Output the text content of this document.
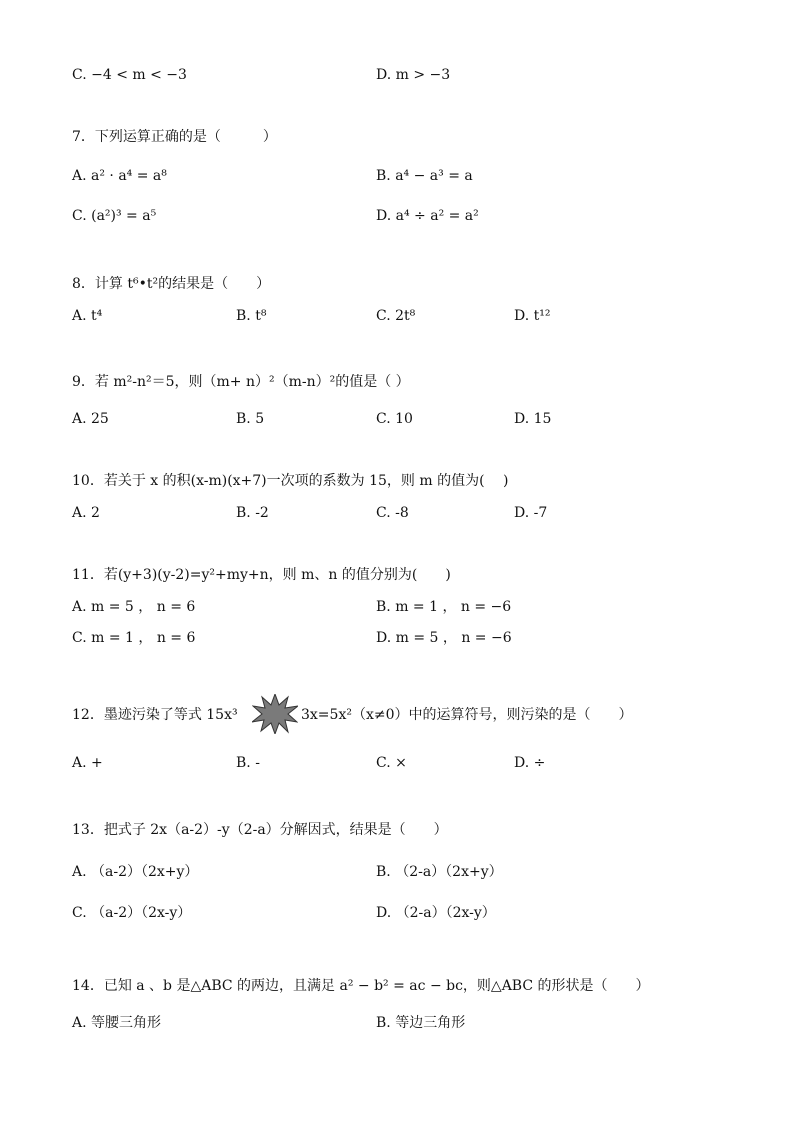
C. −4 < m < −3	D. m > −3
7．下列运算正确的是（　　　）
A. a² · a⁴ = a⁸	B. a⁴ − a³ = a
C. (a²)³ = a⁵	D. a⁴ ÷ a² = a²
8．计算 t⁶•t²的结果是（　　）
A. t⁴	B. t⁸	C. 2t⁸	D. t¹²
9．若 m²-n²＝5，则（m+ n）²（m-n）²的值是（ ）
A. 25	B. 5	C. 10	D. 15
10．若关于 x 的积(x-m)(x+7)一次项的系数为 15，则 m 的值为(　 )
A. 2	B. -2	C. -8	D. -7
11．若(y+3)(y-2)=y²+my+n，则 m、n 的值分别为(　　)
A. m = 5 ， n = 6	B. m = 1 ， n = −6
C. m = 1 ， n = 6	D. m = 5 ， n = −6
12．墨迹污染了等式 15x³	3x=5x²（x≠0）中的运算符号，则污染的是（　　）
A. +	B. -	C. ×	D. ÷
13．把式子 2x（a-2）-y（2-a）分解因式，结果是（　　）
A. （a-2）（2x+y）	B. （2-a）（2x+y）
C. （a-2）（2x-y）	D. （2-a）（2x-y）
14．已知 a 、b 是△ABC 的两边，且满足 a² − b² = ac − bc，则△ABC 的形状是（　　）
A. 等腰三角形	B. 等边三角形
